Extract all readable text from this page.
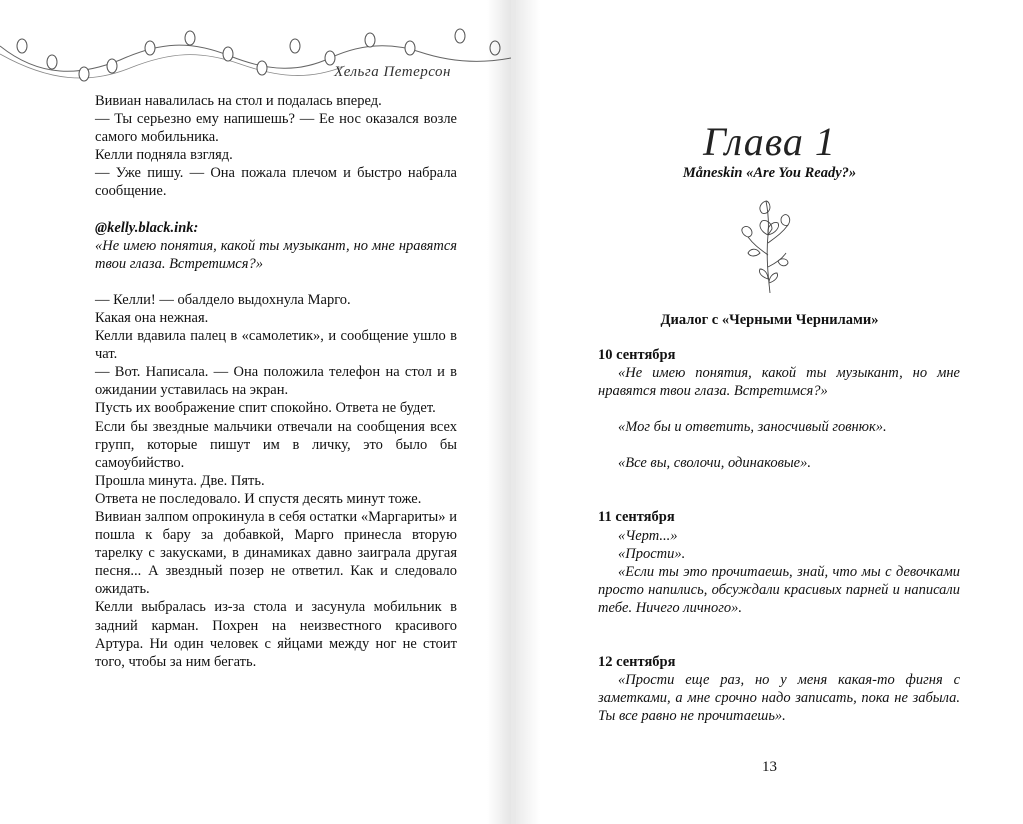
Хельга Петерсон

Вивиан навалилась на стол и подалась вперед.

— Ты серьезно ему напишешь? — Ее нос оказался возле самого мобильника.

Келли подняла взгляд.

— Уже пишу. — Она пожала плечом и быстро набрала сообщение.

@kelly.black.ink:

«Не имею понятия, какой ты музыкант, но мне нравятся твои глаза. Встретимся?»

— Келли! — обалдело выдохнула Марго.

Какая она нежная.

Келли вдавила палец в «самолетик», и сообщение ушло в чат.

— Вот. Написала. — Она положила телефон на стол и в ожидании уставилась на экран.

Пусть их воображение спит спокойно. Ответа не будет.

Если бы звездные мальчики отвечали на сообщения всех групп, которые пишут им в личку, это было бы самоубийство.

Прошла минута. Две. Пять.

Ответа не последовало. И спустя десять минут тоже.

Вивиан залпом опрокинула в себя остатки «Маргариты» и пошла к бару за добавкой, Марго принесла вторую тарелку с закусками, в динамиках давно заиграла другая песня... А звездный позер не ответил. Как и следовало ожидать.

Келли выбралась из-за стола и засунула мобильник в задний карман. Похрен на неизвестного красивого Артура. Ни один человек с яйцами между ног не стоит того, чтобы за ним бегать.

Глава 1
Måneskin «Are You Ready?»
Диалог с «Черными Чернилами»

10 сентября

«Не имею понятия, какой ты музыкант, но мне нравятся твои глаза. Встретимся?»

«Мог бы и ответить, заносчивый говнюк».

«Все вы, сволочи, одинаковые».

11 сентября

«Черт...»

«Прости».

«Если ты это прочитаешь, знай, что мы с девочками просто напились, обсуждали красивых парней и написали тебе. Ничего личного».

12 сентября

«Прости еще раз, но у меня какая-то фигня с заметками, а мне срочно надо записать, пока не забыла. Ты все равно не прочитаешь».

13
